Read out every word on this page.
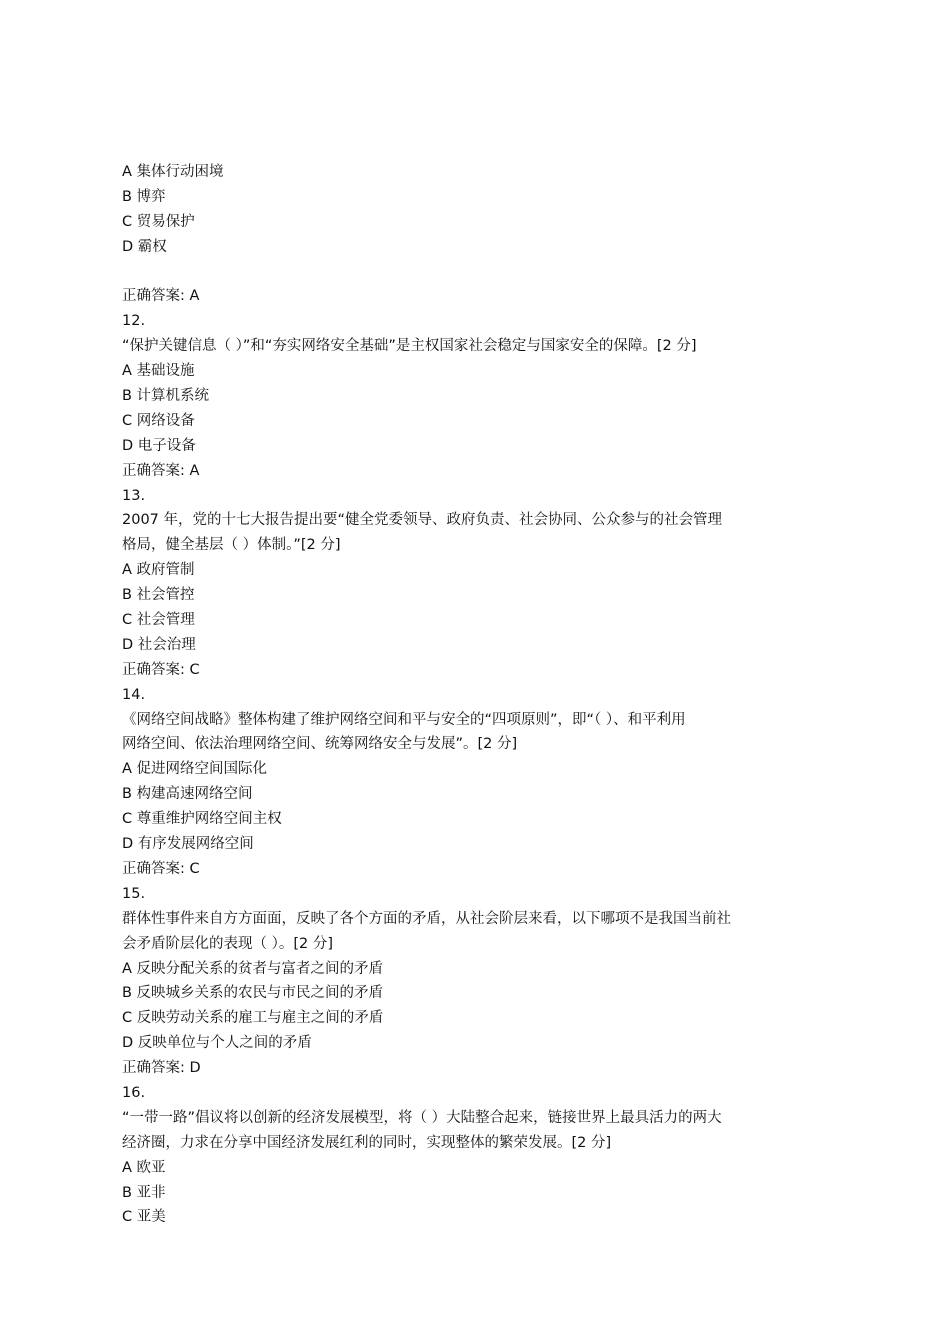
A 集体行动困境
B 博弈
C 贸易保护
D 霸权
正确答案: A
12.
“保护关键信息（ ）”和“夯实网络安全基础”是主权国家社会稳定与国家安全的保障。[2 分]
A 基础设施
B 计算机系统
C 网络设备
D 电子设备
正确答案: A
13.
2007 年，党的十七大报告提出要“健全党委领导、政府负责、社会协同、公众参与的社会管理
格局，健全基层（ ）体制。”[2 分]
A 政府管制
B 社会管控
C 社会管理
D 社会治理
正确答案: C
14.
《网络空间战略》整体构建了维护网络空间和平与安全的“四项原则”，即“（ ）、和平利用
网络空间、依法治理网络空间、统筹网络安全与发展”。[2 分]
A 促进网络空间国际化
B 构建高速网络空间
C 尊重维护网络空间主权
D 有序发展网络空间
正确答案: C
15.
群体性事件来自方方面面，反映了各个方面的矛盾，从社会阶层来看，以下哪项不是我国当前社
会矛盾阶层化的表现（ ）。[2 分]
A 反映分配关系的贫者与富者之间的矛盾
B 反映城乡关系的农民与市民之间的矛盾
C 反映劳动关系的雇工与雇主之间的矛盾
D 反映单位与个人之间的矛盾
正确答案: D
16.
“一带一路”倡议将以创新的经济发展模型，将（ ）大陆整合起来，链接世界上最具活力的两大
经济圈，力求在分享中国经济发展红利的同时，实现整体的繁荣发展。[2 分]
A 欧亚
B 亚非
C 亚美
